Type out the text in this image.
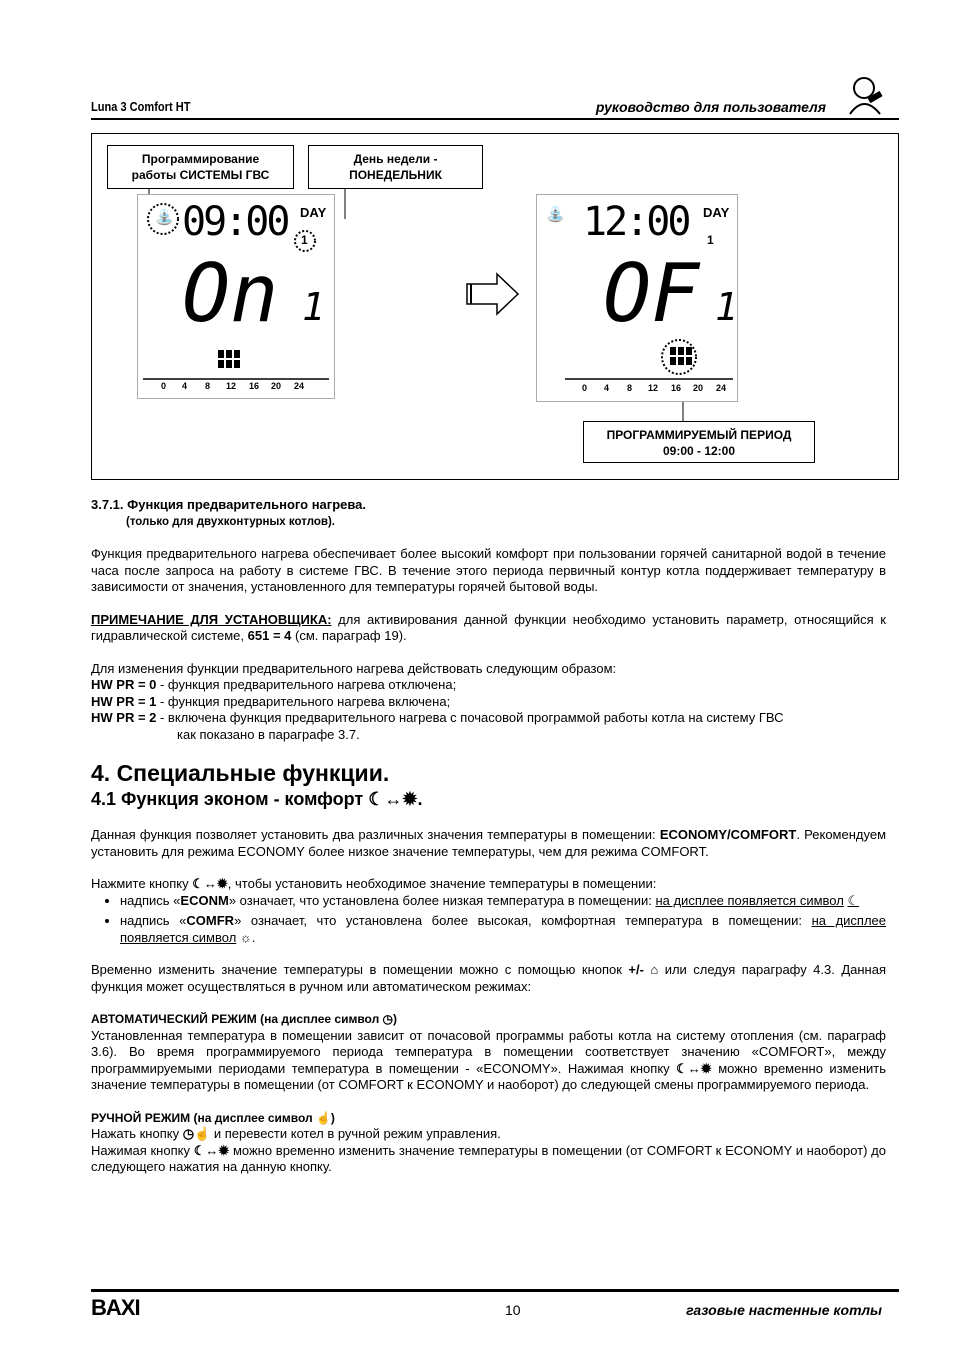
Luna 3 Comfort HT	руководство для пользователя
Программирование
работы СИСТЕМЫ ГВС
День недели -
ПОНЕДЕЛЬНИК
⛲ 09:00 DAY
1
On 1
0 4 8 12 16 20 24
⛲ 12:00 DAY
1
OF 1
0 4 8 12 16 20 24
ПРОГРАММИРУЕМЫЙ ПЕРИОД
09:00 - 12:00
3.7.1. Функция предварительного нагрева.
(только для двухконтурных котлов).

Функция предварительного нагрева обеспечивает более высокий комфорт при пользовании горячей санитарной водой в течение часа после запроса на работу в системе ГВС. В течение этого периода первичный контур котла поддерживает температуру в зависимости от значения, установленного для температуры горячей бытовой воды.

ПРИМЕЧАНИЕ ДЛЯ УСТАНОВЩИКА: для активирования данной функции необходимо установить параметр, относящийся к гидравлической системе, 651 = 4 (см. параграф 19).

Для изменения функции предварительного нагрева действовать следующим образом:

HW PR = 0 - функция предварительного нагрева отключена;
HW PR = 1 - функция предварительного нагрева включена;
HW PR = 2 - включена функция предварительного нагрева с почасовой программой работы котла на систему ГВС
как показано в параграфе 3.7.
4. Специальные функции.
4.1 Функция эконом - комфорт ☾↔✹.

Данная функция позволяет установить два различных значения температуры в помещении: ECONOMY/COMFORT. Рекомендуем установить для режима ECONOMY более низкое значение температуры, чем для режима COMFORT.

Нажмите кнопку ☾↔✹, чтобы установить необходимое значение температуры в помещении:

• надпись «ECONM» означает, что установлена более низкая температура в помещении: на дисплее появляется символ ☾
• надпись «COMFR» означает, что установлена более высокая, комфортная температура в помещении: на дисплее появляется символ ☼.

Временно изменить значение температуры в помещении можно с помощью кнопок +/- ⌂ или следуя параграфу 4.3. Данная функция может осуществляться в ручном или автоматическом режимах:

АВТОМАТИЧЕСКИЙ РЕЖИМ (на дисплее символ ◷)

Установленная температура в помещении зависит от почасовой программы работы котла на систему отопления (см. параграф 3.6). Во время программируемого периода температура в помещении соответствует значению «COMFORT», между программируемыми периодами температура в помещении - «ECONOMY». Нажимая кнопку ☾↔✹ можно временно изменить значение температуры в помещении (от COMFORT к ECONOMY и наоборот) до следующей смены программируемого периода.

РУЧНОЙ РЕЖИМ (на дисплее символ ☝)

Нажать кнопку ◷☝ и перевести котел в ручной режим управления.

Нажимая кнопку ☾↔✹ можно временно изменить значение температуры в помещении (от COMFORT к ECONOMY и наоборот) до следующего нажатия на данную кнопку.

BAXI	10	газовые настенные котлы
